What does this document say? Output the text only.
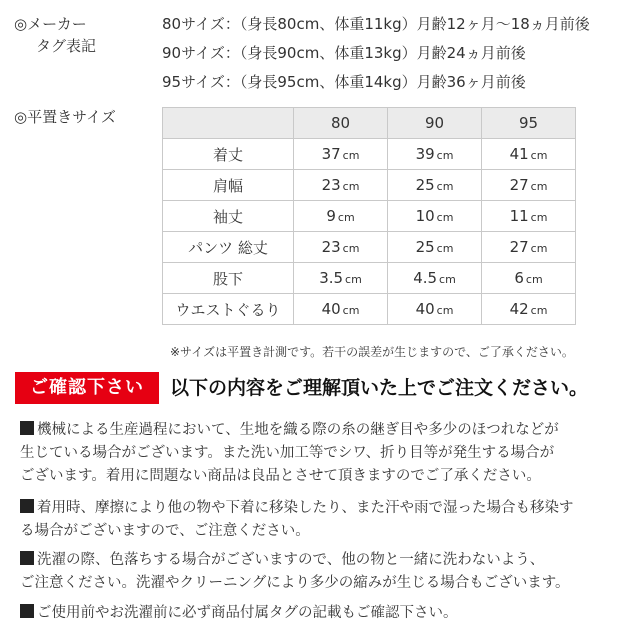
◎メーカー
タグ表記
80サイズ：（身長80cm、体重11kg）月齢12ヶ月〜18ヵ月前後
90サイズ：（身長90cm、体重13kg）月齢24ヵ月前後
95サイズ：（身長95cm、体重14kg）月齢36ヶ月前後
◎平置きサイズ
		80	90	95
着丈	37 cm	39 cm	41 cm
肩幅	23 cm	25 cm	27 cm
袖丈	9 cm	10 cm	11 cm
パンツ 総丈	23 cm	25 cm	27 cm
股下	3.5 cm	4.5 cm	6 cm
ウエストぐるり	40 cm	40 cm	42 cm
※サイズは平置き計測です。若干の誤差が生じますので、ご了承ください。
ご確認下さい	以下の内容をご理解頂いた上でご注文ください。
機械による生産過程において、生地を織る際の糸の継ぎ目や多少のほつれなどが
生じている場合がございます。また洗い加工等でシワ、折り目等が発生する場合が
ございます。着用に問題ない商品は良品とさせて頂きますのでご了承ください。
着用時、摩擦により他の物や下着に移染したり、また汗や雨で湿った場合も移染す
る場合がございますので、ご注意ください。
洗濯の際、色落ちする場合がございますので、他の物と一緒に洗わないよう、
ご注意ください。洗濯やクリーニングにより多少の縮みが生じる場合もございます。
ご使用前やお洗濯前に必ず商品付属タグの記載もご確認下さい。
